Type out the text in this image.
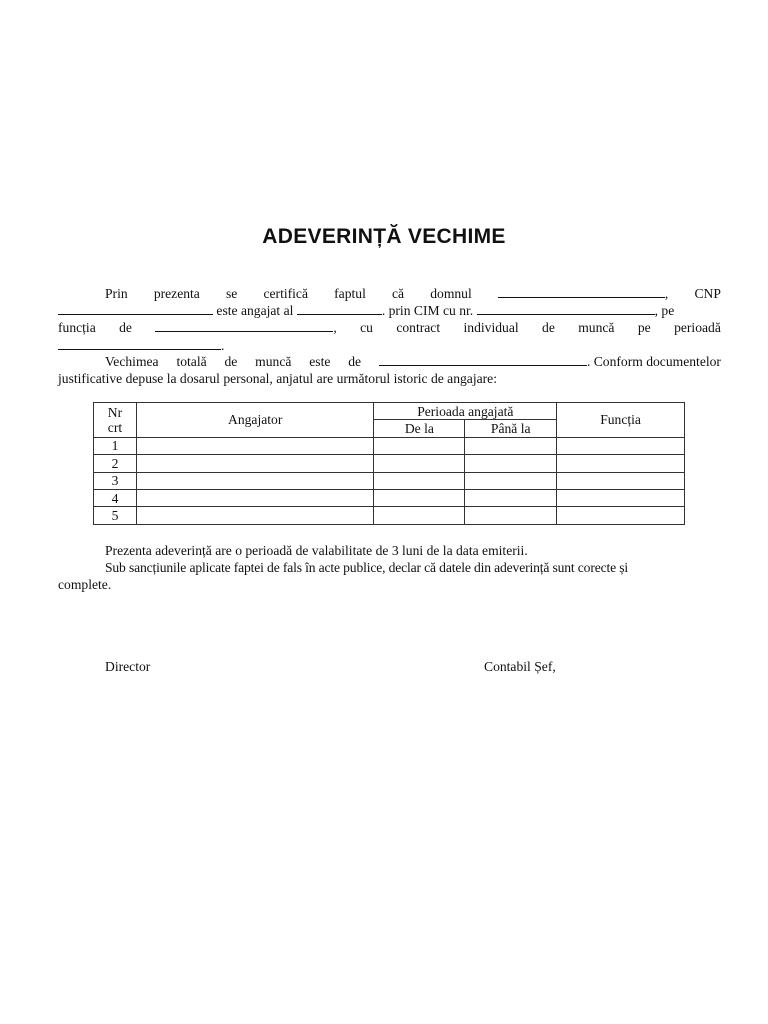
ADEVERINȚĂ VECHIME
Prin prezenta se certifică faptul că domnul	, CNP
este angajat al	. prin CIM cu nr.	, pe
funcția de	, cu contract individual de muncă pe perioadă
.
Vechimea totală de muncă este de	. Conform documentelor
justificative depuse la dosarul personal, anjatul are următorul istoric de angajare:
Nr
crt	Angajator	Perioada angajată		Funcția
		De la	Până la	
1				
2				
3				
4				
5				
Prezenta adeverință are o perioadă de valabilitate de 3 luni de la data emiterii.
Sub sancțiunile aplicate faptei de fals în acte publice, declar că datele din adeverință sunt corecte și
complete.
Director	Contabil Șef,
